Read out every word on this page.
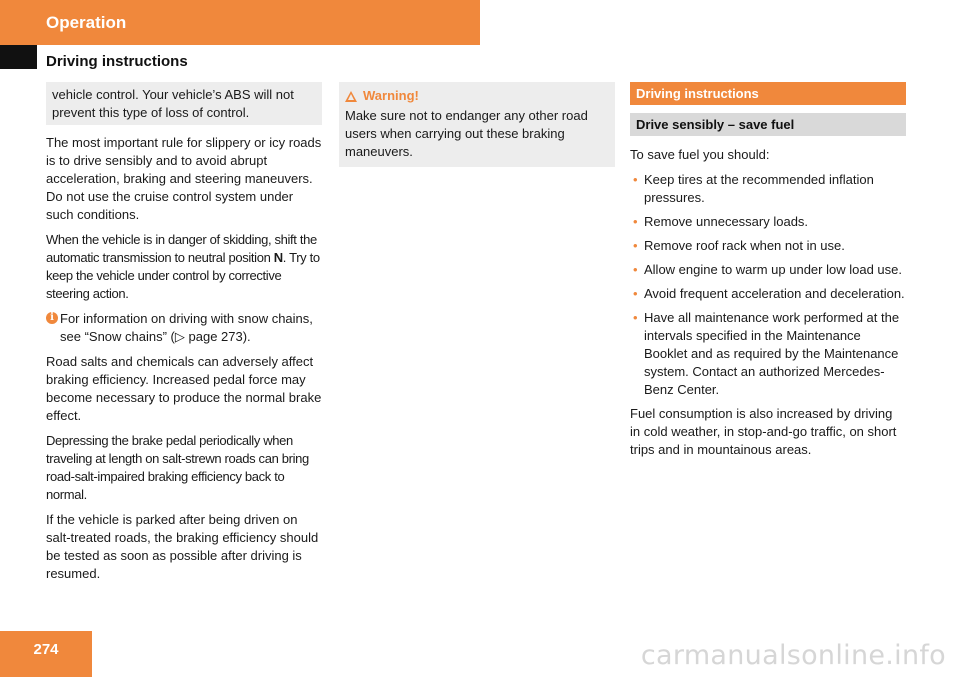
Operation
Driving instructions
vehicle control. Your vehicle’s ABS will not prevent this type of loss of control.

The most important rule for slippery or icy roads is to drive sensibly and to avoid abrupt acceleration, braking and steering maneuvers. Do not use the cruise control system under such conditions.

When the vehicle is in danger of skidding, shift the automatic transmission to neutral position N. Try to keep the vehicle under control by corrective steering action.

i For information on driving with snow chains, see “Snow chains” (▷ page 273).

Road salts and chemicals can adversely affect braking efficiency. Increased pedal force may become necessary to produce the normal brake effect.

Depressing the brake pedal periodically when traveling at length on salt-strewn roads can bring road-salt-impaired braking efficiency back to normal.

If the vehicle is parked after being driven on salt-treated roads, the braking efficiency should be tested as soon as possible after driving is resumed.

Warning!
Make sure not to endanger any other road users when carrying out these braking maneuvers.
Driving instructions
Drive sensibly – save fuel

To save fuel you should:

• Keep tires at the recommended inflation pressures.
• Remove unnecessary loads.
• Remove roof rack when not in use.
• Allow engine to warm up under low load use.
• Avoid frequent acceleration and deceleration.
• Have all maintenance work performed at the intervals specified in the Maintenance Booklet and as required by the Maintenance system. Contact an authorized Mercedes-Benz Center.

Fuel consumption is also increased by driving in cold weather, in stop-and-go traffic, on short trips and in mountainous areas.

274	carmanualsonline.info
